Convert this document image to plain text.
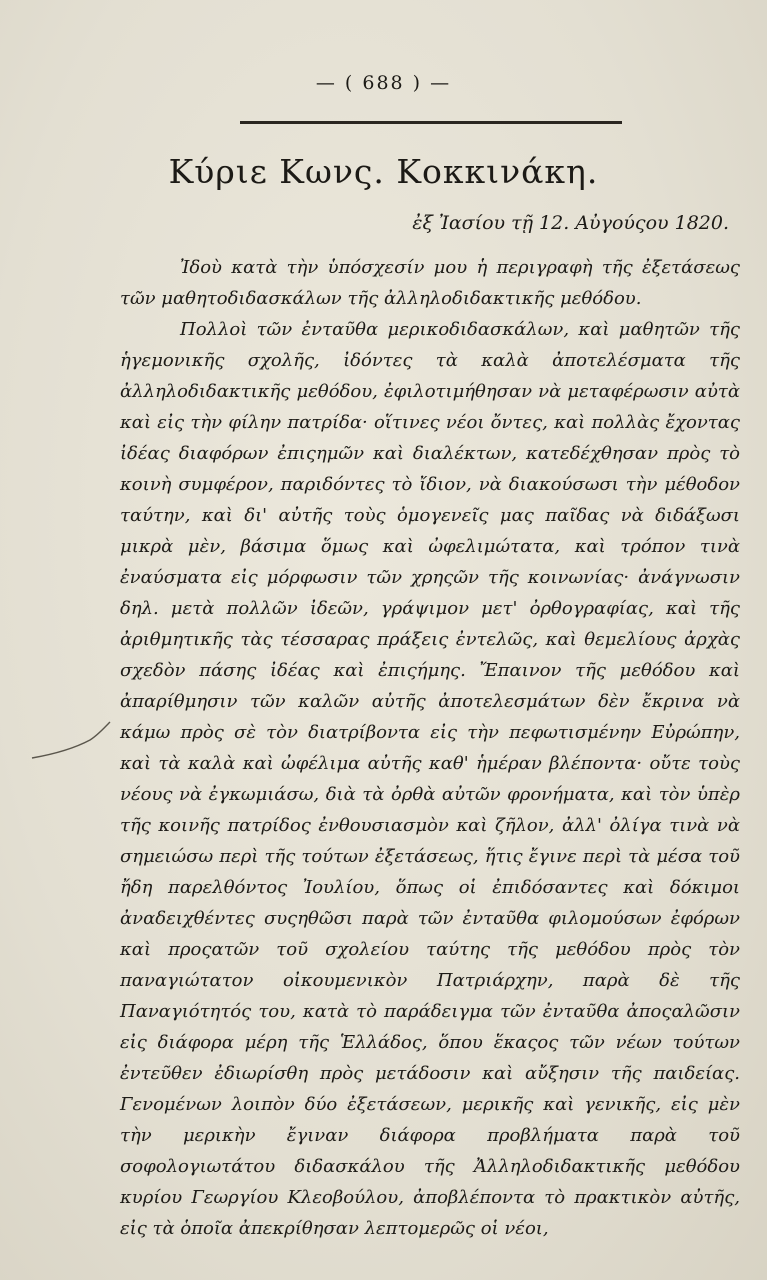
— ( 688 ) —
Κύριε Κωνς. Κοκκινάκη.
ἐξ Ἰασίου τῇ 12. Αὐγούςου 1820.

Ἰδοὺ κατὰ τὴν ὑπόσχεσίν μου ἡ περιγραφὴ τῆς ἐξετάσεως τῶν μαθητοδιδασκάλων τῆς ἀλληλοδιδακτικῆς μεθόδου.

Πολλοὶ τῶν ἐνταῦθα μερικοδιδασκάλων, καὶ μαθητῶν τῆς ἡγεμονικῆς σχολῆς, ἰδόντες τὰ καλὰ ἀποτελέσματα τῆς ἀλληλοδιδακτικῆς μεθόδου, ἐφιλοτιμήθησαν νὰ μεταφέρωσιν αὐτὰ καὶ εἰς τὴν φίλην πατρίδα· οἵτινες νέοι ὄντες, καὶ πολλὰς ἔχοντας ἰδέας διαφόρων ἐπιςημῶν καὶ διαλέκτων, κατεδέχθησαν πρὸς τὸ κοινὴ συμφέρον, παριδόντες τὸ ἴδιον, νὰ διακούσωσι τὴν μέθοδον ταύτην, καὶ δι' αὐτῆς τοὺς ὁμογενεῖς μας παῖδας νὰ διδάξωσι μικρὰ μὲν, βάσιμα ὅμως καὶ ὠφελιμώτατα, καὶ τρόπον τινὰ ἐναύσματα εἰς μόρφωσιν τῶν χρηςῶν τῆς κοινωνίας· ἀνάγνωσιν δηλ. μετὰ πολλῶν ἰδεῶν, γράψιμον μετ' ὀρθογραφίας, καὶ τῆς ἀριθμητικῆς τὰς τέσσαρας πράξεις ἐντελῶς, καὶ θεμελίους ἀρχὰς σχεδὸν πάσης ἰδέας καὶ ἐπιςήμης. Ἔπαινον τῆς μεθόδου καὶ ἀπαρίθμησιν τῶν καλῶν αὐτῆς ἀποτελεσμάτων δὲν ἔκρινα νὰ κάμω πρὸς σὲ τὸν διατρίβοντα εἰς τὴν πεφωτισμένην Εὐρώπην, καὶ τὰ καλὰ καὶ ὠφέλιμα αὐτῆς καθ' ἡμέραν βλέποντα· οὔτε τοὺς νέους νὰ ἐγκωμιάσω, διὰ τὰ ὀρθὰ αὐτῶν φρονήματα, καὶ τὸν ὑπὲρ τῆς κοινῆς πατρίδος ἐνθουσιασμὸν καὶ ζῆλον, ἀλλ' ὀλίγα τινὰ νὰ σημειώσω περὶ τῆς τούτων ἐξετάσεως, ἥτις ἔγινε περὶ τὰ μέσα τοῦ ἤδη παρελθόντος Ἰουλίου, ὅπως οἱ ἐπιδόσαντες καὶ δόκιμοι ἀναδειχθέντες συςηθῶσι παρὰ τῶν ἐνταῦθα φιλομούσων ἐφόρων καὶ προςατῶν τοῦ σχολείου ταύτης τῆς μεθόδου πρὸς τὸν παναγιώτατον οἰκουμενικὸν Πατριάρχην, παρὰ δὲ τῆς Παναγιότητός του, κατὰ τὸ παράδειγμα τῶν ἐνταῦθα ἀποςαλῶσιν εἰς διάφορα μέρη τῆς Ἑλλάδος, ὅπου ἕκαςος τῶν νέων τούτων ἐντεῦθεν ἐδιωρίσθη πρὸς μετάδοσιν καὶ αὔξησιν τῆς παιδείας. Γενομένων λοιπὸν δύο ἐξετάσεων, μερικῆς καὶ γενικῆς, εἰς μὲν τὴν μερικὴν ἔγιναν διάφορα προβλήματα παρὰ τοῦ σοφολογιωτάτου διδασκάλου τῆς Ἀλληλοδιδακτικῆς μεθόδου κυρίου Γεωργίου Κλεοβούλου, ἀποβλέποντα τὸ πρακτικὸν αὐτῆς, εἰς τὰ ὁποῖα ἀπεκρίθησαν λεπτομερῶς οἱ νέοι,
